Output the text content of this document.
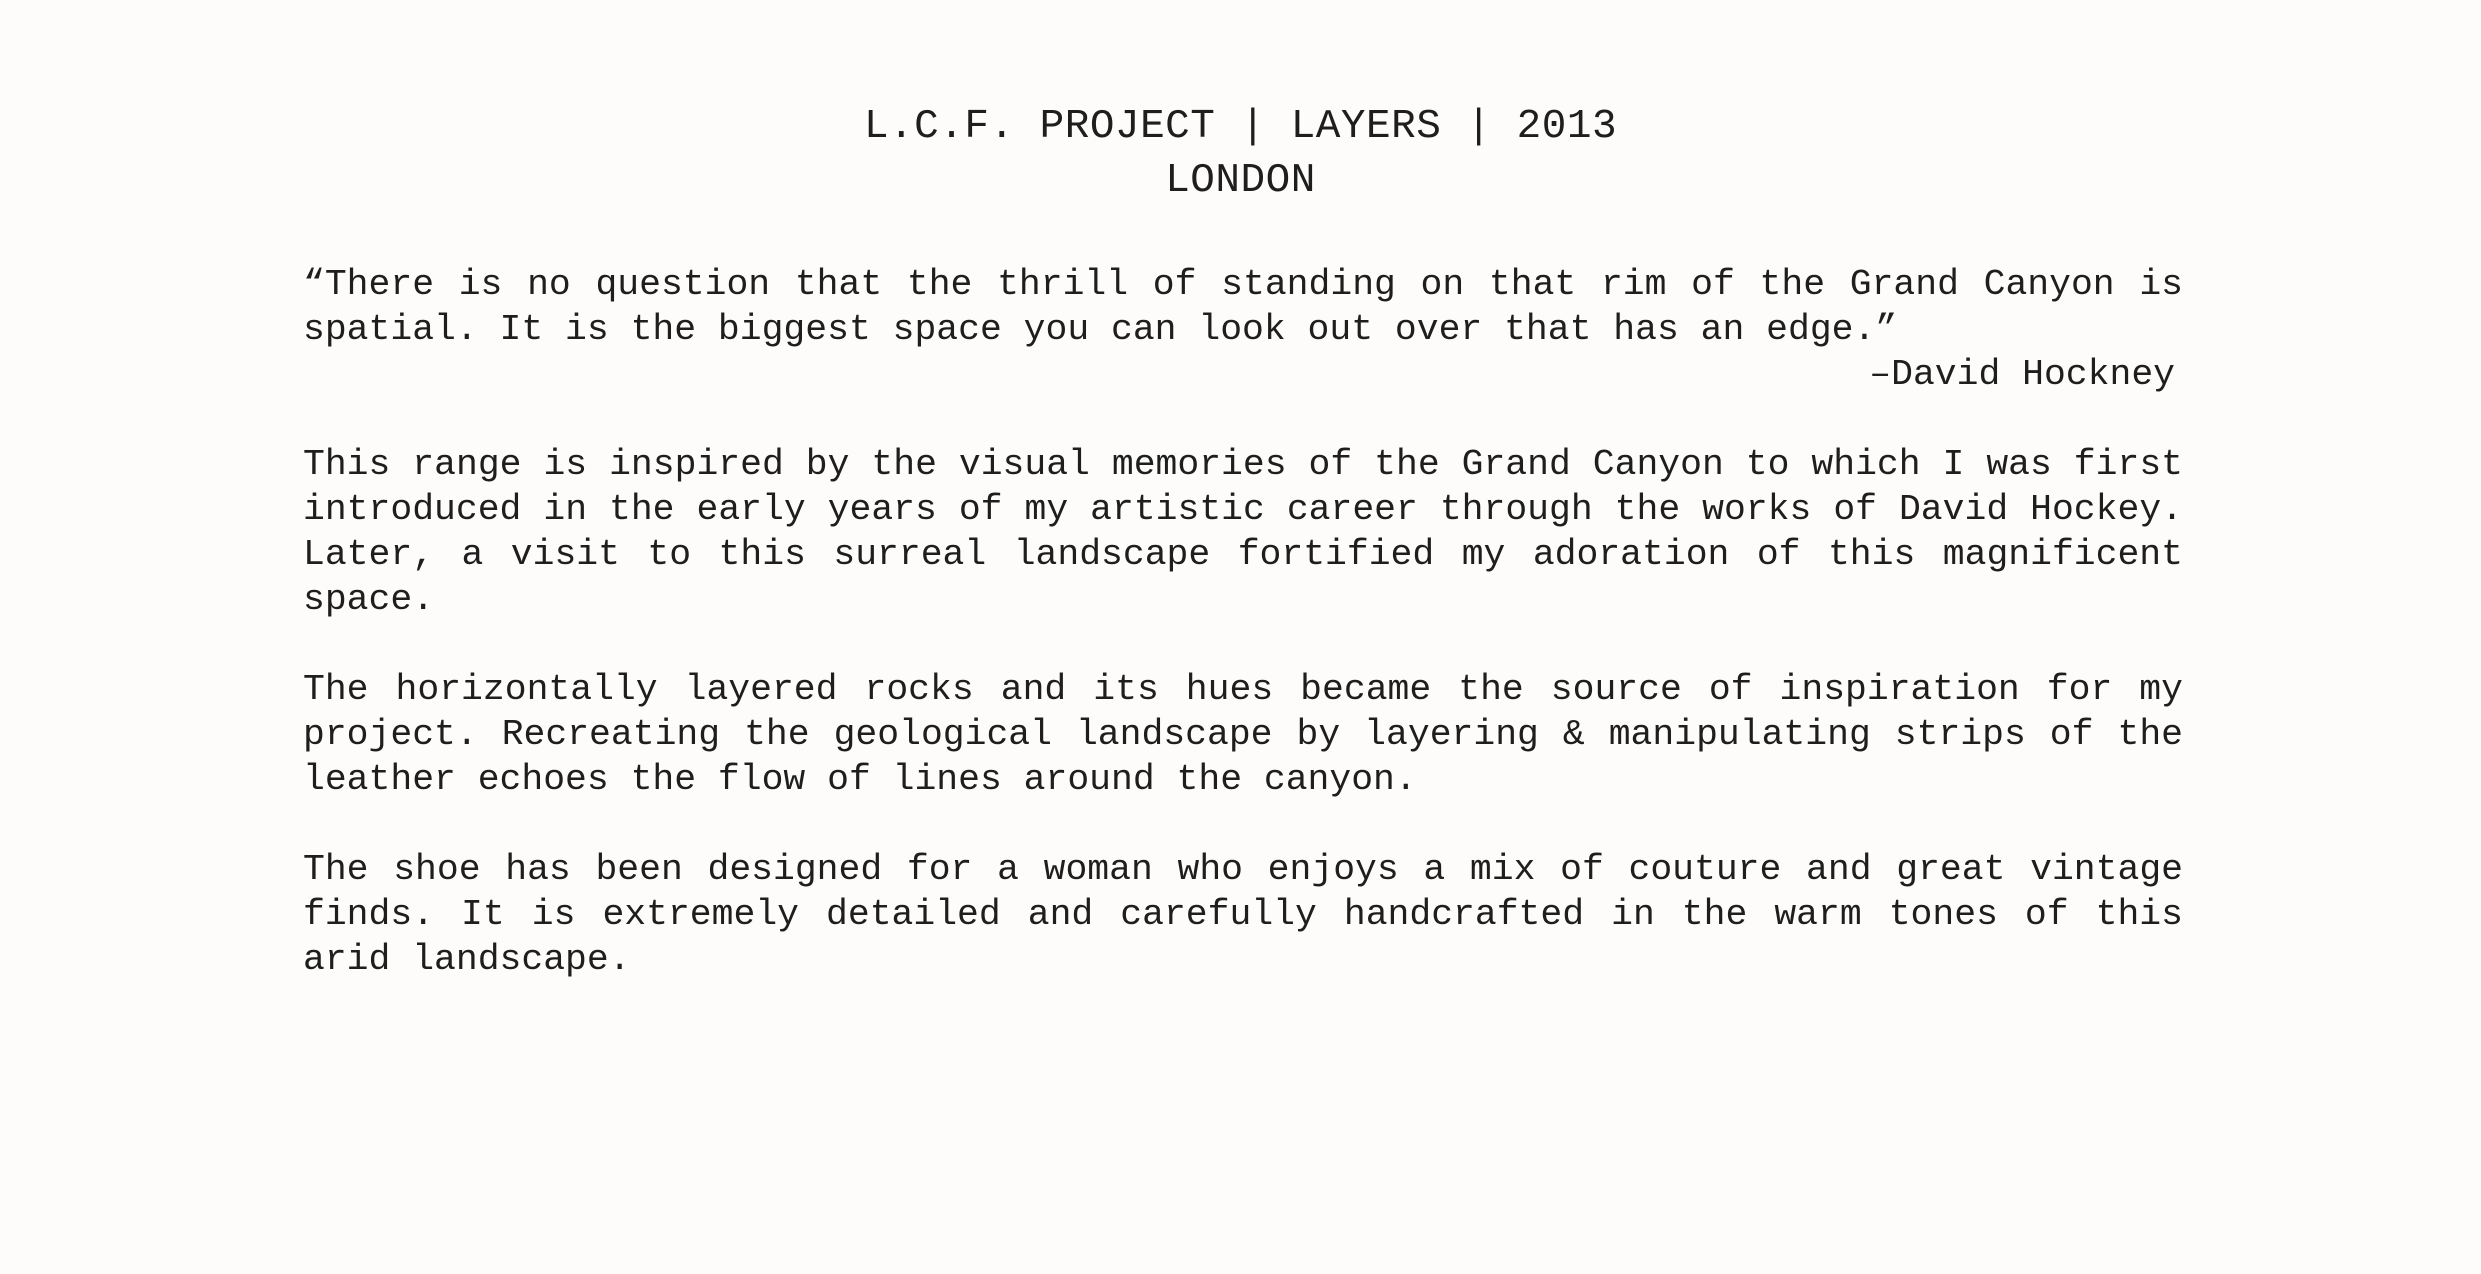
L.C.F. PROJECT | LAYERS | 2013
LONDON
“There is no question that the thrill of standing on that rim of the Grand Canyon is
spatial. It is the biggest space you can look out over that has an edge.”
–David Hockney
This range is inspired by the visual memories of the Grand Canyon to which I was first
introduced in the early years of my artistic career through the works of David Hockey.
Later, a visit to this surreal landscape fortified my adoration of this magnificent
space.
The horizontally layered rocks and its hues became the source of inspiration for my
project. Recreating the geological landscape by layering & manipulating strips of the
leather echoes the flow of lines around the canyon.
The shoe has been designed for a woman who enjoys a mix of couture and great vintage
finds. It is extremely detailed and carefully handcrafted in the warm tones of this
arid landscape.
